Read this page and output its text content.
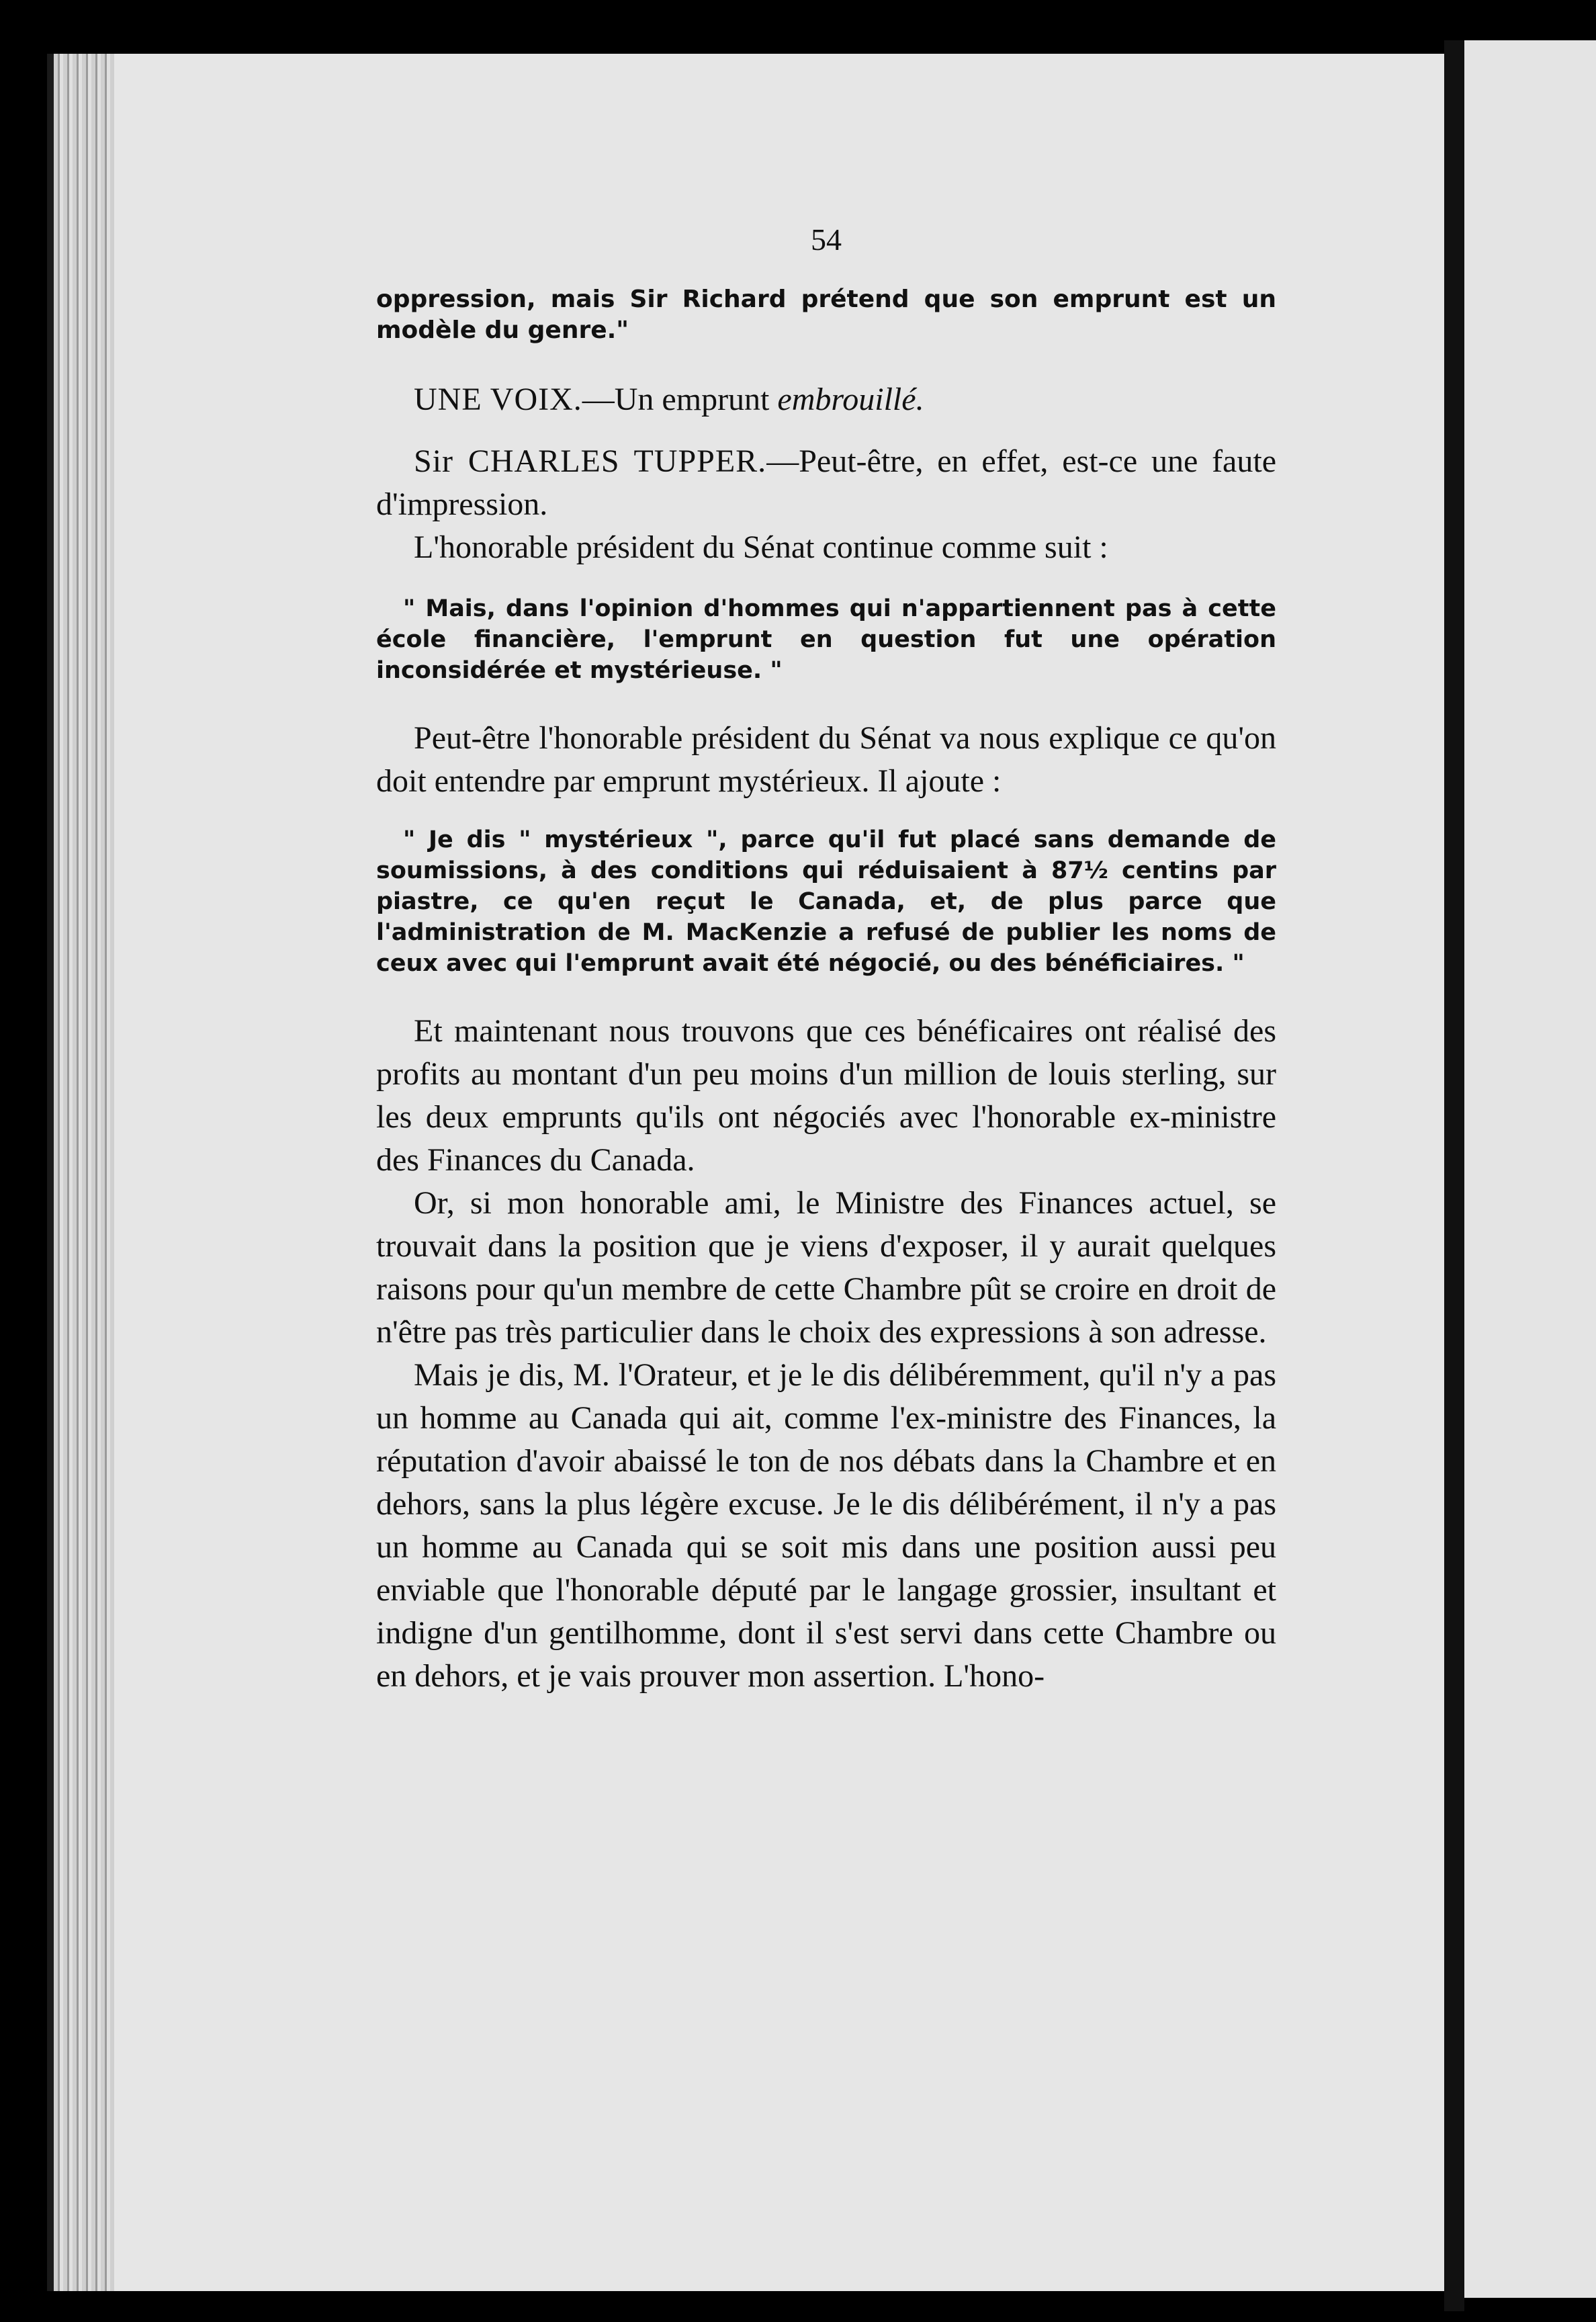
54

oppression, mais Sir Richard prétend que son emprunt est un modèle du genre."

UNE VOIX.—Un emprunt embrouillé.

Sir CHARLES TUPPER.—Peut-être, en effet, est-ce une faute d'impression.

L'honorable président du Sénat continue comme suit :

" Mais, dans l'opinion d'hommes qui n'appartiennent pas à cette école financière, l'emprunt en question fut une opération inconsidérée et mystérieuse. "

Peut-être l'honorable président du Sénat va nous explique ce qu'on doit entendre par emprunt mystérieux. Il ajoute :

" Je dis " mystérieux ", parce qu'il fut placé sans demande de soumissions, à des conditions qui réduisaient à 87½ centins par piastre, ce qu'en reçut le Canada, et, de plus parce que l'administration de M. MacKenzie a refusé de publier les noms de ceux avec qui l'emprunt avait été négocié, ou des bénéficiaires. "

Et maintenant nous trouvons que ces bénéficaires ont réalisé des profits au montant d'un peu moins d'un million de louis sterling, sur les deux emprunts qu'ils ont négociés avec l'honorable ex-ministre des Finances du Canada.

Or, si mon honorable ami, le Ministre des Finances actuel, se trouvait dans la position que je viens d'exposer, il y aurait quelques raisons pour qu'un membre de cette Chambre pût se croire en droit de n'être pas très particulier dans le choix des expressions à son adresse.

Mais je dis, M. l'Orateur, et je le dis délibéremment, qu'il n'y a pas un homme au Canada qui ait, comme l'ex-ministre des Finances, la réputation d'avoir abaissé le ton de nos débats dans la Chambre et en dehors, sans la plus légère excuse. Je le dis délibérément, il n'y a pas un homme au Canada qui se soit mis dans une position aussi peu enviable que l'honorable député par le langage grossier, insultant et indigne d'un gentilhomme, dont il s'est servi dans cette Chambre ou en dehors, et je vais prouver mon assertion. L'hono-
